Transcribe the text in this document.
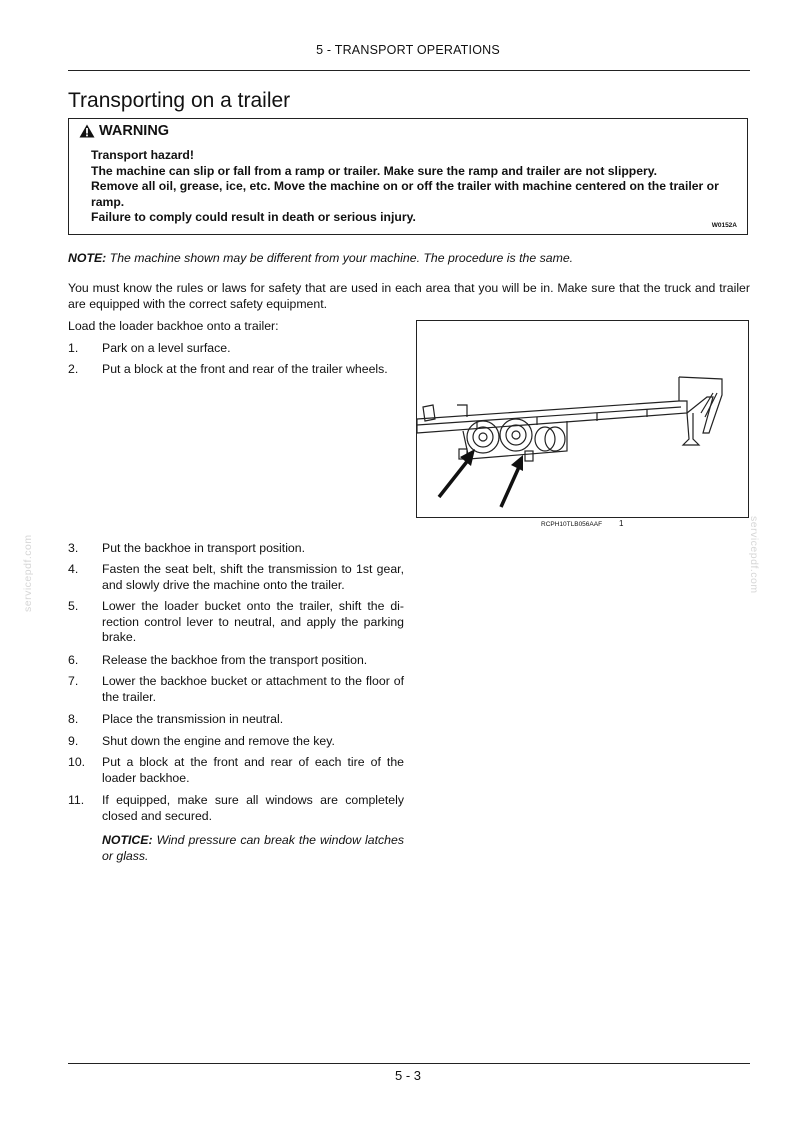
5 - TRANSPORT OPERATIONS
Transporting on a trailer
WARNING
Transport hazard!
The machine can slip or fall from a ramp or trailer. Make sure the ramp and trailer are not slippery.
Remove all oil, grease, ice, etc. Move the machine on or off the trailer with machine centered on the trailer or ramp.
Failure to comply could result in death or serious injury.
W0152A
NOTE: The machine shown may be different from your machine. The procedure is the same.
You must know the rules or laws for safety that are used in each area that you will be in. Make sure that the truck and trailer are equipped with the correct safety equipment.
Load the loader backhoe onto a trailer:
1. Park on a level surface.
2. Put a block at the front and rear of the trailer wheels.
3. Put the backhoe in transport position.
4. Fasten the seat belt, shift the transmission to 1st gear, and slowly drive the machine onto the trailer.
5. Lower the loader bucket onto the trailer, shift the di-rection control lever to neutral, and apply the parking brake.
6. Release the backhoe from the transport position.
7. Lower the backhoe bucket or attachment to the floor of the trailer.
8. Place the transmission in neutral.
9. Shut down the engine and remove the key.
10. Put a block at the front and rear of each tire of the loader backhoe.
11. If equipped, make sure all windows are completely closed and secured.
NOTICE: Wind pressure can break the window latches or glass.
RCPH10TLB056AAF 1
servicepdf.com	servicepdf.com
5 - 3
